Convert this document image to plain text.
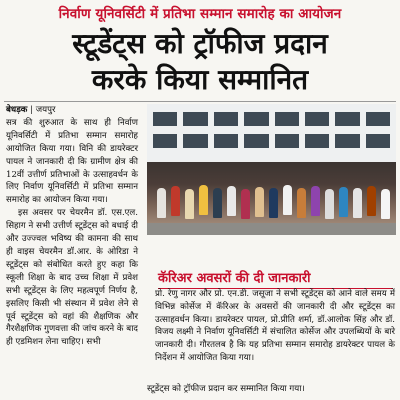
निर्वाण यूनिवर्सिटी में प्रतिभा सम्मान समारोह का आयोजन
स्टूडेंट्स को ट्रॉफीज प्रदान
करके किया सम्मानित

बेधड़क | जयपुर

सत्र की शुरुआत के साथ ही निर्वाण यूनिवर्सिटी में प्रतिभा सम्मान समारोह आयोजित किया गया। विनि की डायरेक्टर पायल ने जानकारी दी कि ग्रामीण क्षेत्र की 12वीं उत्तीर्ण प्रतिभाओं के उत्साहवर्धन के लिए निर्वाण यूनिवर्सिटी में प्रतिभा सम्मान समारोह का आयोजन किया गया।

इस अवसर पर चेयरमैन डॉ. एस.एल. सिहाग ने सभी उत्तीर्ण स्टूडेंट्स को बधाई दी और उज्ज्वल भविष्य की कामना की साथ ही वाइस चेयरमैन डॉ.आर. के ओरिडा ने स्टूडेंट्स को संबोधित करते हुए कहा कि स्कूली शिक्षा के बाद उच्च शिक्षा में प्रवेश सभी स्टूडेंट्स के लिए महत्वपूर्ण निर्णय है, इसलिए किसी भी संस्थान में प्रवेश लेने से पूर्व स्टूडेंट्स को वहां की शैक्षणिक और गैरशैक्षणिक गुणवत्ता की जांच करने के बाद ही एडमिशन लेना चाहिए। सभी

कॅरिअर अवसरों की दी जानकारी
प्रो. रेणु नागर और प्रो. एन.डी. जसूजा ने सभी स्टूडेंट्स को आने वाले समय में विभिन्न कोर्सेज में कॅरिअर के अवसरों की जानकारी दी और स्टूडेंट्स का उत्साहवर्धन किया। डायरेक्टर पायल, प्रो.प्रीति शर्मा, डॉ.आलोक सिंह और डॉ. विजय लक्ष्मी ने निर्वाण यूनिवर्सिटी में संचालित कोर्सेज और उपलब्धियों के बारे जानकारी दी। गौरतलब है कि यह प्रतिभा सम्मान समारोह डायरेक्टर पायल के निर्देशन में आयोजित किया गया।
स्टूडेंट्स को ट्रॉफीज प्रदान कर सम्मानित किया गया।
